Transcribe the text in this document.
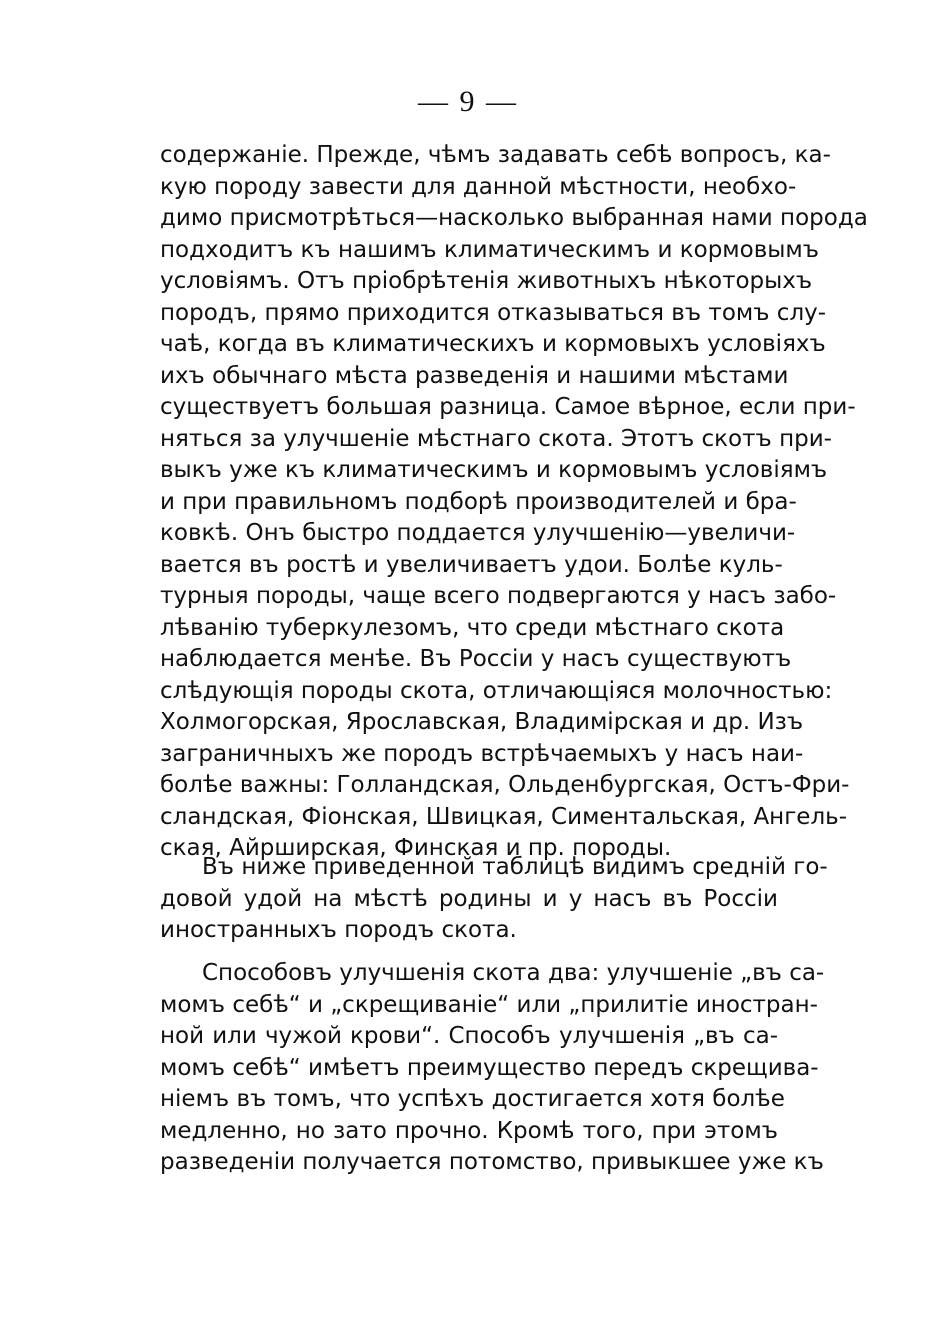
— 9 —
содержаніе. Прежде, чѣмъ задавать себѣ вопросъ, ка-
кую породу завести для данной мѣстности, необхо-
димо присмотрѣться—насколько выбранная нами порода
подходитъ къ нашимъ климатическимъ и кормовымъ
условіямъ. Отъ пріобрѣтенія животныхъ нѣкоторыхъ
породъ, прямо приходится отказываться въ томъ слу-
чаѣ, когда въ климатическихъ и кормовыхъ условіяхъ
ихъ обычнаго мѣста разведенія и нашими мѣстами
существуетъ большая разница. Самое вѣрное, если при-
няться за улучшеніе мѣстнаго скота. Этотъ скотъ при-
выкъ уже къ климатическимъ и кормовымъ условіямъ
и при правильномъ подборѣ производителей и бра-
ковкѣ. Онъ быстро поддается улучшенію—увеличи-
вается въ ростѣ и увеличиваетъ удои. Болѣе куль-
турныя породы, чаще всего подвергаются у насъ забо-
лѣванію туберкулезомъ, что среди мѣстнаго скота
наблюдается менѣе. Въ Россіи у насъ существуютъ
слѣдующія породы скота, отличающіяся молочностью:
Холмогорская, Ярославская, Владимірская и др. Изъ
заграничныхъ же породъ встрѣчаемыхъ у насъ наи-
болѣе важны: Голландская, Ольденбургская, Остъ-Фри-
сландская, Фіонская, Швицкая, Симентальская, Ангель-
ская, Айрширская, Финская и пр. породы.
Въ ниже приведенной таблицѣ видимъ средній го-
довой удой на мѣстѣ родины и у насъ въ Россіи
иностранныхъ породъ скота.
Способовъ улучшенія скота два: улучшеніе „въ са-
момъ себѣ“ и „скрещиваніе“ или „прилитіе иностран-
ной или чужой крови“. Способъ улучшенія „въ са-
момъ себѣ“ имѣетъ преимущество передъ скрещива-
ніемъ въ томъ, что успѣхъ достигается хотя болѣе
медленно, но зато прочно. Кромѣ того, при этомъ
разведеніи получается потомство, привыкшее уже къ
